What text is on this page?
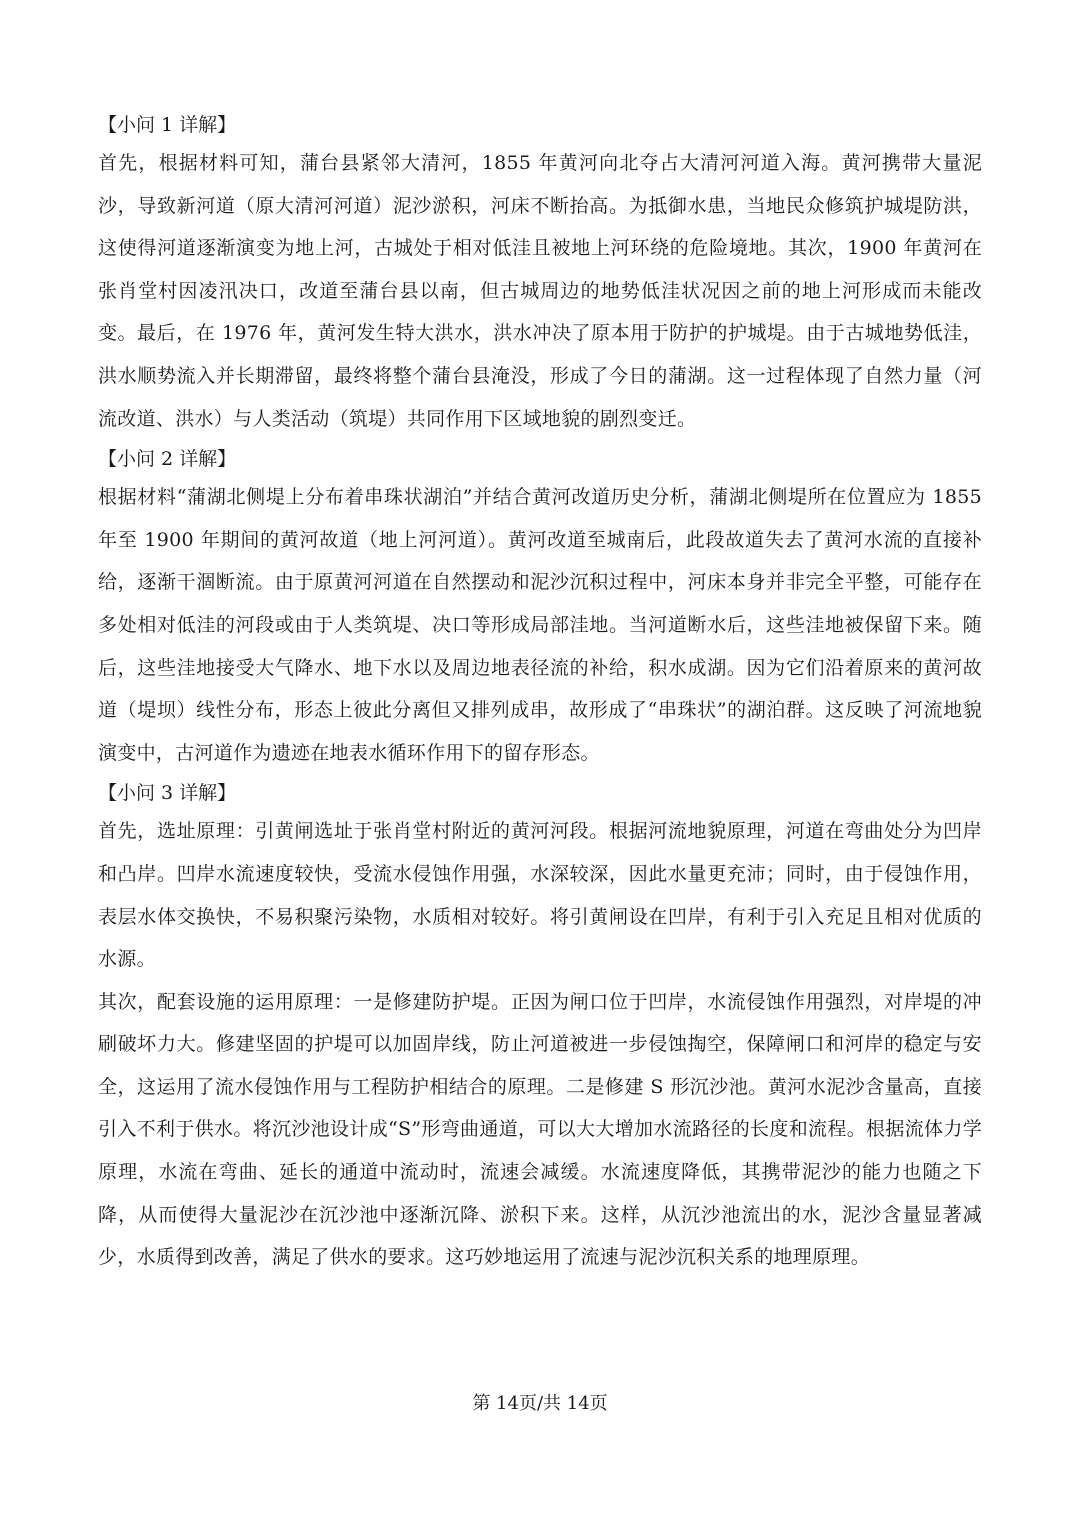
【小问 1 详解】

首先，根据材料可知，蒲台县紧邻大清河，1855 年黄河向北夺占大清河河道入海。黄河携带大量泥沙，导致新河道（原大清河河道）泥沙淤积，河床不断抬高。为抵御水患，当地民众修筑护城堤防洪，这使得河道逐渐演变为地上河，古城处于相对低洼且被地上河环绕的危险境地。其次，1900 年黄河在张肖堂村因凌汛决口，改道至蒲台县以南，但古城周边的地势低洼状况因之前的地上河形成而未能改变。最后，在 1976 年，黄河发生特大洪水，洪水冲决了原本用于防护的护城堤。由于古城地势低洼，洪水顺势流入并长期滞留，最终将整个蒲台县淹没，形成了今日的蒲湖。这一过程体现了自然力量（河流改道、洪水）与人类活动（筑堤）共同作用下区域地貌的剧烈变迁。

【小问 2 详解】

根据材料“蒲湖北侧堤上分布着串珠状湖泊”并结合黄河改道历史分析，蒲湖北侧堤所在位置应为 1855 年至 1900 年期间的黄河故道（地上河河道）。黄河改道至城南后，此段故道失去了黄河水流的直接补给，逐渐干涸断流。由于原黄河河道在自然摆动和泥沙沉积过程中，河床本身并非完全平整，可能存在多处相对低洼的河段或由于人类筑堤、决口等形成局部洼地。当河道断水后，这些洼地被保留下来。随后，这些洼地接受大气降水、地下水以及周边地表径流的补给，积水成湖。因为它们沿着原来的黄河故道（堤坝）线性分布，形态上彼此分离但又排列成串，故形成了“串珠状”的湖泊群。这反映了河流地貌演变中，古河道作为遗迹在地表水循环作用下的留存形态。

【小问 3 详解】

首先，选址原理：引黄闸选址于张肖堂村附近的黄河河段。根据河流地貌原理，河道在弯曲处分为凹岸和凸岸。凹岸水流速度较快，受流水侵蚀作用强，水深较深，因此水量更充沛；同时，由于侵蚀作用，表层水体交换快，不易积聚污染物，水质相对较好。将引黄闸设在凹岸，有利于引入充足且相对优质的水源。

其次，配套设施的运用原理：一是修建防护堤。正因为闸口位于凹岸，水流侵蚀作用强烈，对岸堤的冲刷破坏力大。修建坚固的护堤可以加固岸线，防止河道被进一步侵蚀掏空，保障闸口和河岸的稳定与安全，这运用了流水侵蚀作用与工程防护相结合的原理。二是修建 S 形沉沙池。黄河水泥沙含量高，直接引入不利于供水。将沉沙池设计成“S”形弯曲通道，可以大大增加水流路径的长度和流程。根据流体力学原理，水流在弯曲、延长的通道中流动时，流速会减缓。水流速度降低，其携带泥沙的能力也随之下降，从而使得大量泥沙在沉沙池中逐渐沉降、淤积下来。这样，从沉沙池流出的水，泥沙含量显著减少，水质得到改善，满足了供水的要求。这巧妙地运用了流速与泥沙沉积关系的地理原理。

第 14页/共 14页
